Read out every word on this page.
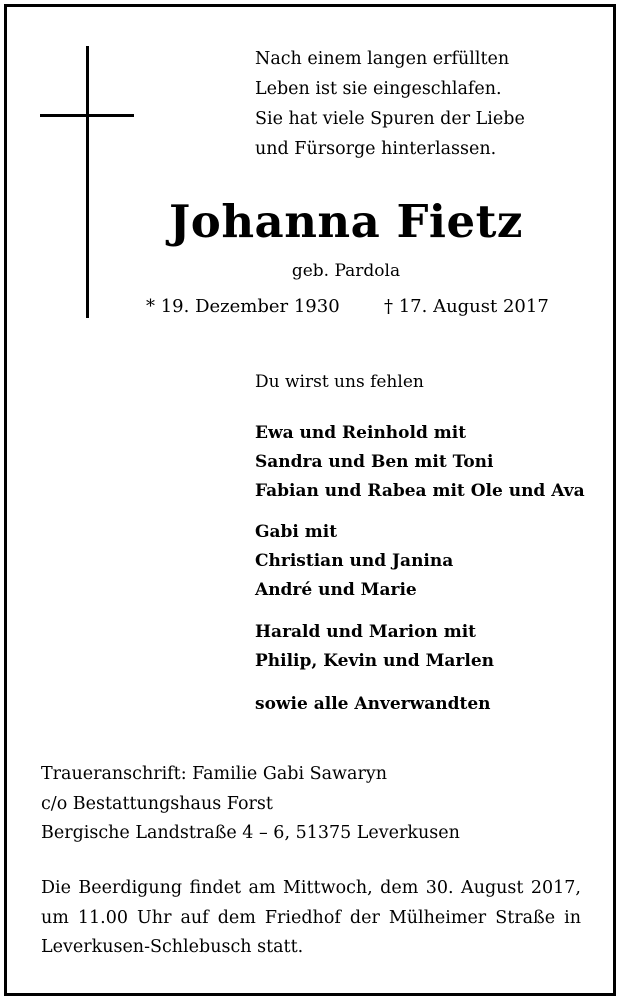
Nach einem langen erfüllten
Leben ist sie eingeschlafen.
Sie hat viele Spuren der Liebe
und Fürsorge hinterlassen.
Johanna Fietz
geb. Pardola
* 19. Dezember 1930 † 17. August 2017
Du wirst uns fehlen
Ewa und Reinhold mit
Sandra und Ben mit Toni
Fabian und Rabea mit Ole und Ava
Gabi mit
Christian und Janina
André und Marie
Harald und Marion mit
Philip, Kevin und Marlen
sowie alle Anverwandten
Traueranschrift: Familie Gabi Sawaryn
c/o Bestattungshaus Forst
Bergische Landstraße 4 – 6, 51375 Leverkusen
Die Beerdigung findet am Mittwoch, dem 30. August 2017,
um 11.00 Uhr auf dem Friedhof der Mülheimer Straße in
Leverkusen-Schlebusch statt.
